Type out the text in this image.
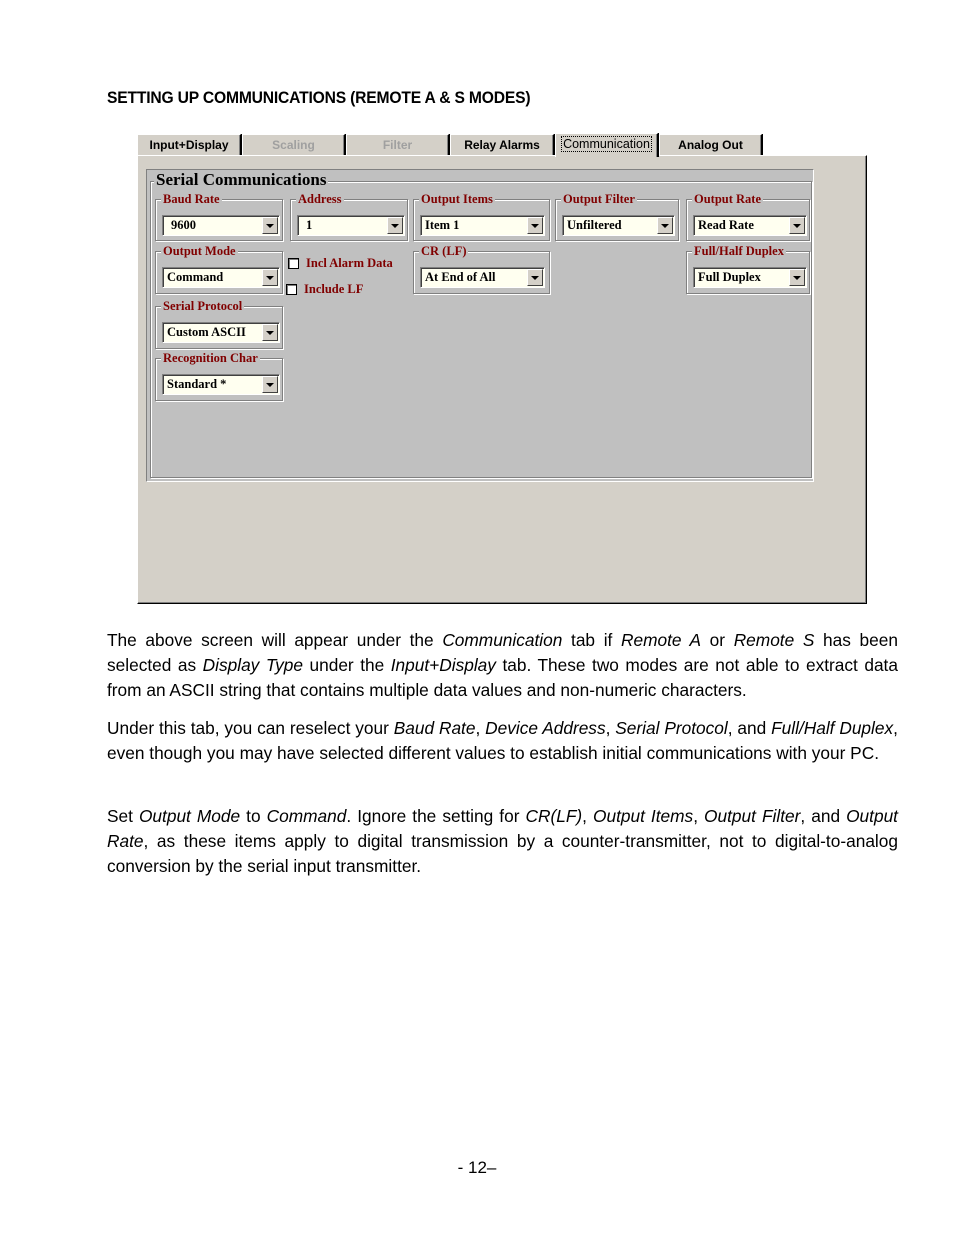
SETTING UP COMMUNICATIONS (REMOTE A & S MODES)
Input+Display	Scaling	Filter	Relay Alarms	Communication	Analog Out
Serial Communications
Baud Rate
9600
Address
1
Output Items
Item 1
Output Filter
Unfiltered
Output Rate
Read Rate
Output Mode
Command
Incl Alarm Data
Include LF
CR (LF)
At End of All
Full/Half Duplex
Full Duplex
Serial Protocol
Custom ASCII
Recognition Char
Standard *
The above screen will appear under the Communication tab if Remote A or Remote S has been selected as Display Type under the Input+Display tab. These two modes are not able to extract data from an ASCII string that contains multiple data values and non-numeric characters.
Under this tab, you can reselect your Baud Rate, Device Address, Serial Protocol, and Full/Half Duplex, even though you may have selected different values to establish initial communications with your PC.
Set Output Mode to Command. Ignore the setting for CR(LF), Output Items, Output Filter, and Output Rate, as these items apply to digital transmission by a counter-transmitter, not to digital-to-analog conversion by the serial input transmitter.
- 12–
